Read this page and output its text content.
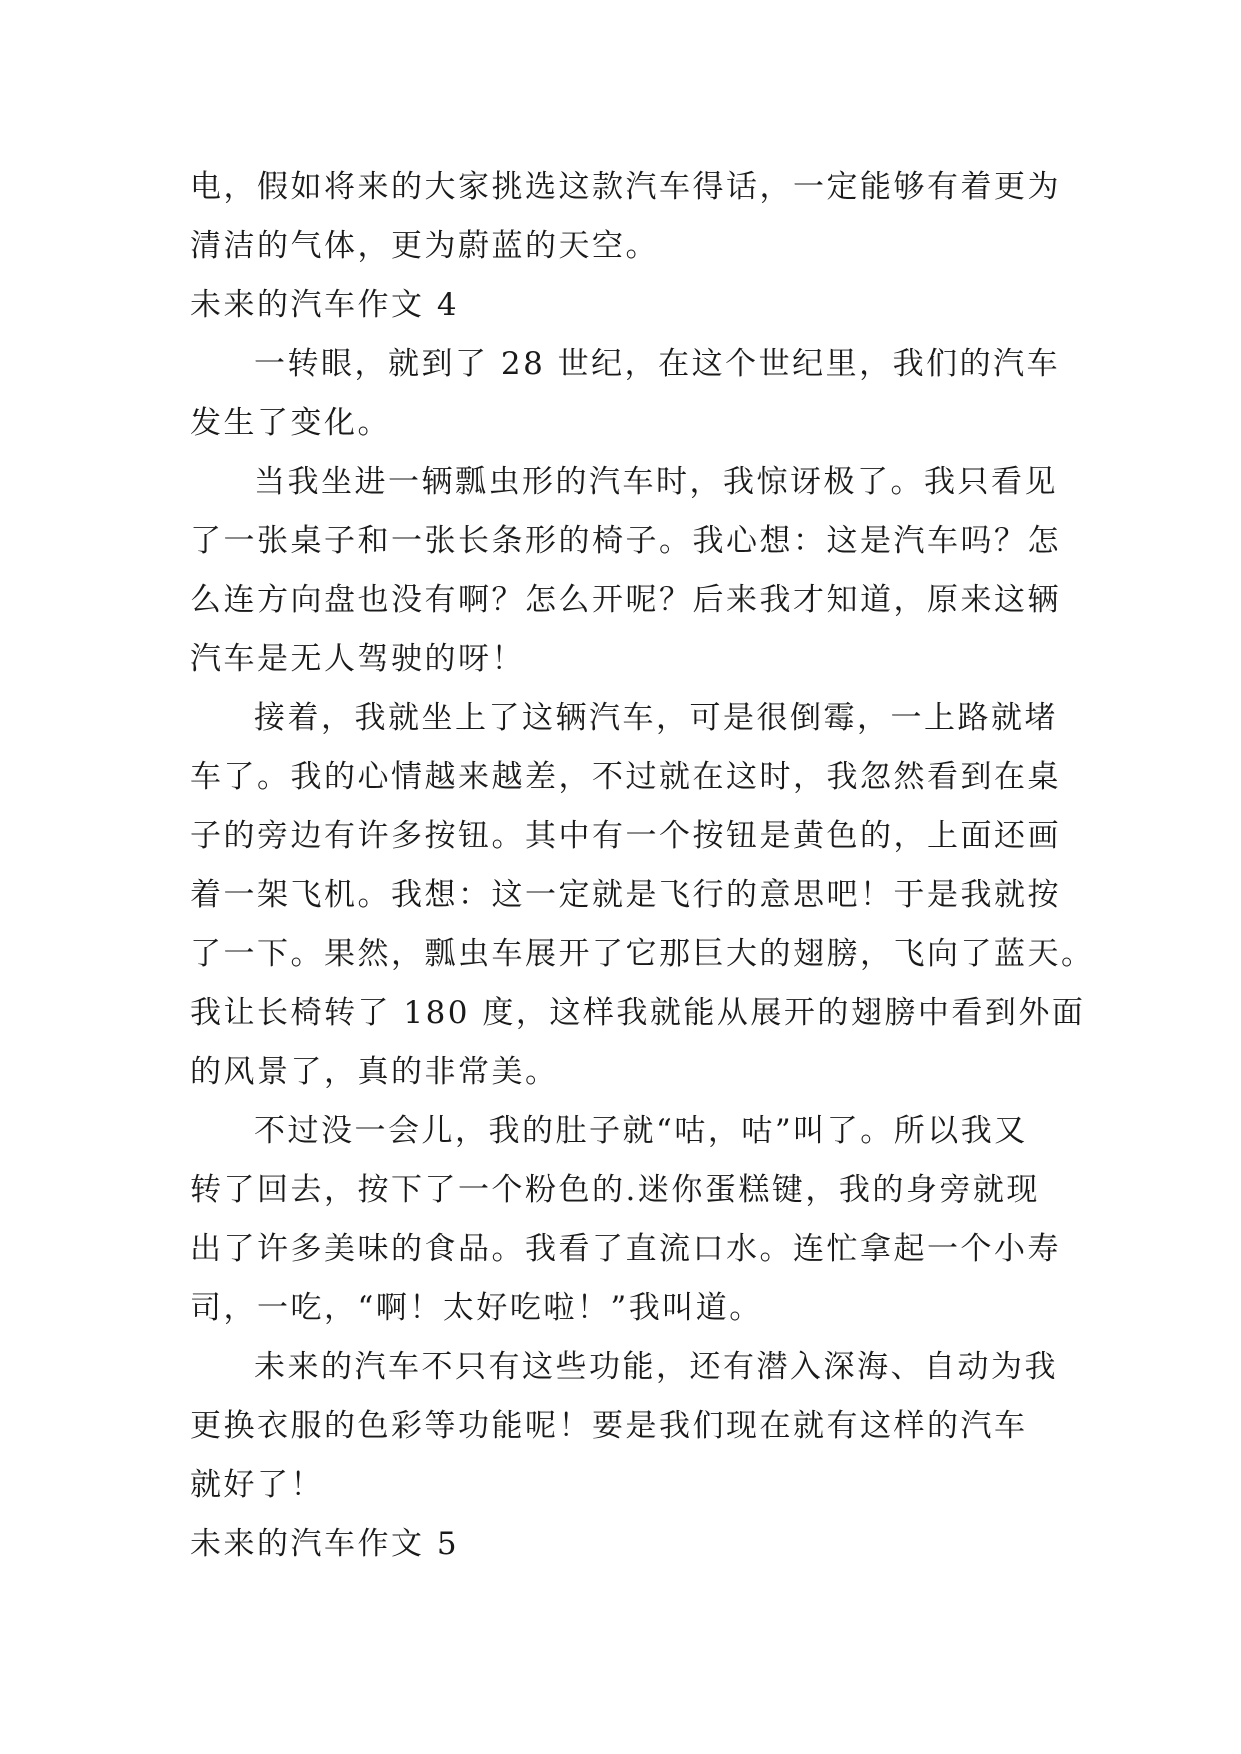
电，假如将来的大家挑选这款汽车得话，一定能够有着更为
清洁的气体，更为蔚蓝的天空。
未来的汽车作文 4
一转眼，就到了 28 世纪，在这个世纪里，我们的汽车
发生了变化。
当我坐进一辆瓢虫形的汽车时，我惊讶极了。我只看见
了一张桌子和一张长条形的椅子。我心想：这是汽车吗？怎
么连方向盘也没有啊？怎么开呢？后来我才知道，原来这辆
汽车是无人驾驶的呀！
接着，我就坐上了这辆汽车，可是很倒霉，一上路就堵
车了。我的心情越来越差，不过就在这时，我忽然看到在桌
子的旁边有许多按钮。其中有一个按钮是黄色的，上面还画
着一架飞机。我想：这一定就是飞行的意思吧！于是我就按
了一下。果然，瓢虫车展开了它那巨大的翅膀，飞向了蓝天。
我让长椅转了 180 度，这样我就能从展开的翅膀中看到外面
的风景了，真的非常美。
不过没一会儿，我的肚子就“咕，咕”叫了。所以我又
转了回去，按下了一个粉色的.迷你蛋糕键，我的身旁就现
出了许多美味的食品。我看了直流口水。连忙拿起一个小寿
司，一吃，“啊！太好吃啦！”我叫道。
未来的汽车不只有这些功能，还有潜入深海、自动为我
更换衣服的色彩等功能呢！要是我们现在就有这样的汽车
就好了！
未来的汽车作文 5
